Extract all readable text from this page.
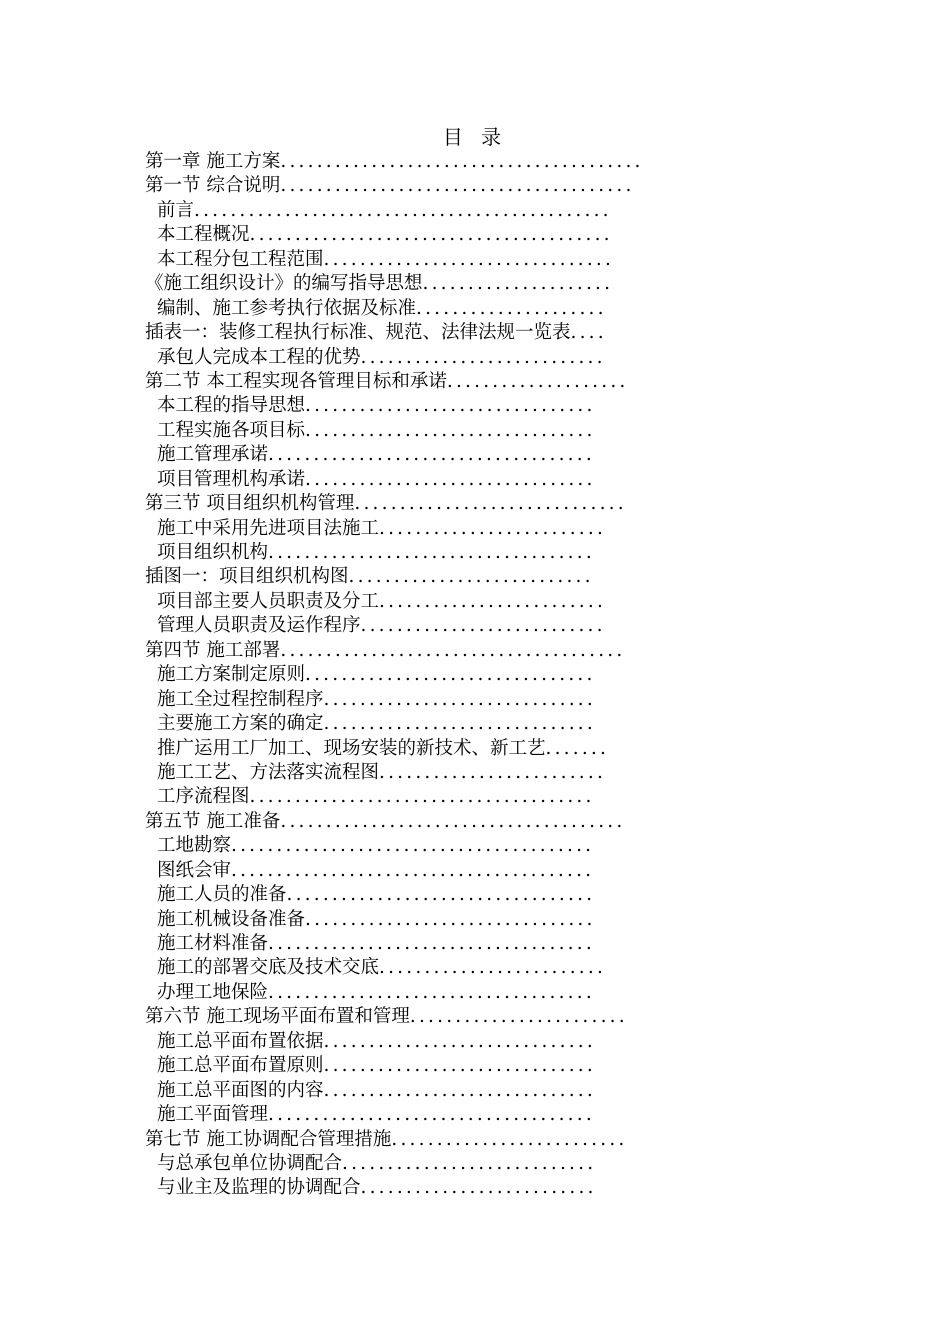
目 录
第一章 施工方案........................................
第一节 综合说明.......................................
前言..............................................
本工程概况........................................
本工程分包工程范围................................
《施工组织设计》的编写指导思想.....................
编制、施工参考执行依据及标准.....................
插表一：装修工程执行标准、规范、法律法规一览表....
承包人完成本工程的优势...........................
第二节 本工程实现各管理目标和承诺....................
本工程的指导思想................................
工程实施各项目标................................
施工管理承诺....................................
项目管理机构承诺................................
第三节 项目组织机构管理..............................
施工中采用先进项目法施工.........................
项目组织机构....................................
插图一：项目组织机构图...........................
项目部主要人员职责及分工.........................
管理人员职责及运作程序...........................
第四节 施工部署......................................
施工方案制定原则................................
施工全过程控制程序..............................
主要施工方案的确定..............................
推广运用工厂加工、现场安装的新技术、新工艺.......
施工工艺、方法落实流程图.........................
工序流程图......................................
第五节 施工准备......................................
工地勘察........................................
图纸会审........................................
施工人员的准备..................................
施工机械设备准备................................
施工材料准备....................................
施工的部署交底及技术交底.........................
办理工地保险....................................
第六节 施工现场平面布置和管理........................
施工总平面布置依据..............................
施工总平面布置原则..............................
施工总平面图的内容..............................
施工平面管理....................................
第七节 施工协调配合管理措施..........................
与总承包单位协调配合............................
与业主及监理的协调配合..........................
